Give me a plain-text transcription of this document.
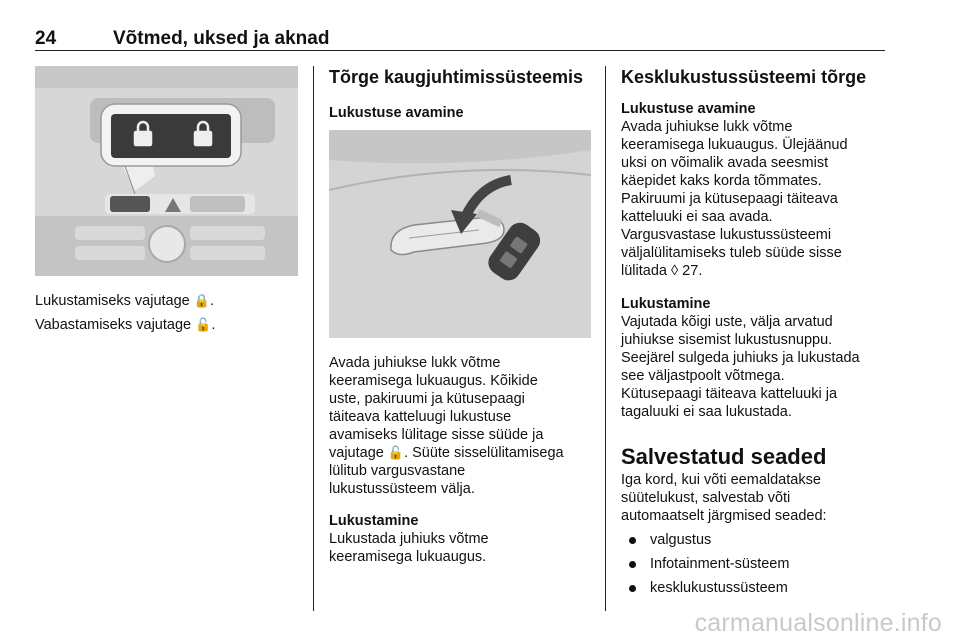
24	Võtmed, uksed ja aknad

Lukustamiseks vajutage 🔒.

Vabastamiseks vajutage 🔓.

Tõrge kaugjuhtimissüsteemis

Lukustuse avamine

Avada juhiukse lukk võtme

keeramisega lukuaugus. Kõikide

uste, pakiruumi ja kütusepaagi

täiteava katteluugi lukustuse

avamiseks lülitage sisse süüde ja

vajutage 🔓. Süüte sisselülitamisega

lülitub vargusvastane

lukustussüsteem välja.

Lukustamine

Lukustada juhiuks võtme

keeramisega lukuaugus.

Kesklukustussüsteemi tõrge

Lukustuse avamine

Avada juhiukse lukk võtme

keeramisega lukuaugus. Ülejäänud

uksi on võimalik avada seesmist

käepidet kaks korda tõmmates.

Pakiruumi ja kütusepaagi täiteava

katteluuki ei saa avada.

Vargusvastase lukustussüsteemi

väljalülitamiseks tuleb süüde sisse

lülitada ◊ 27.

Lukustamine

Vajutada kõigi uste, välja arvatud

juhiukse sisemist lukustusnuppu.

Seejärel sulgeda juhiuks ja lukustada

see väljastpoolt võtmega.

Kütusepaagi täiteava katteluuki ja

tagaluuki ei saa lukustada.

Salvestatud seaded

Iga kord, kui võti eemaldatakse

süütelukust, salvestab võti

automaatselt järgmised seaded:

valgustus
Infotainment-süsteem
kesklukustussüsteem
carmanualsonline.info
